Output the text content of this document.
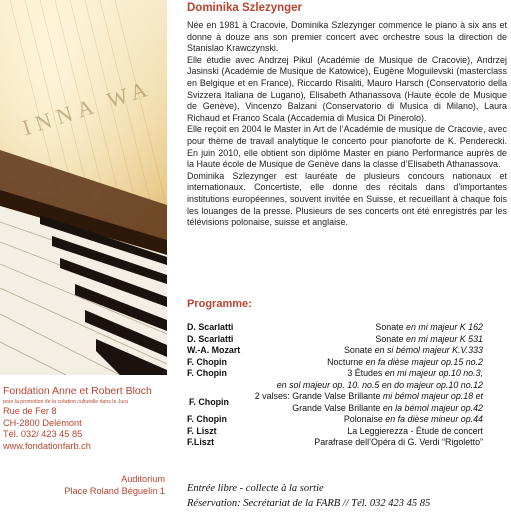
INNA WA
Fondation Anne et Robert Bloch
pour la promotion de la création culturelle dans le Jura
Rue de Fer 8
CH-2800 Delémont
Tél. 032/ 423 45 85
www.fondationfarb.ch
Auditorium
Place Roland Béguelin 1
Dominika Szlezynger

Née en 1981 à Cracovie, Dominika Szlezynger commence le piano à six ans et donne à douze ans son premier concert avec orchestre sous la direction de Stanislao Krawczynski.

Elle étudie avec Andrzej Pikul (Académie de Musique de Cracovie), Andrzej Jasinski (Académie de Musique de Katowice), Eugène Moguilevski (masterclass en Belgique et en France), Riccardo Risaliti, Mauro Harsch (Conservatorio della Svizzera Italiana de Lugano), Elisabeth Athanassova (Haute école de Musique de Genève), Vincenzo Balzani (Conservatorio di Musica di Milano), Laura Richaud et Franco Scala (Accademia di Musica Di Pinerolo).

Elle reçoit en 2004 le Master in Art de l’Académie de musique de Cracovie, avec pour thème de travail analytique le concerto pour pianoforte de K. Penderecki. En juin 2010, elle obtient son diplôme Master en piano Performance auprès de la Haute école de Musique de Genève dans la classe d’Elisabeth Athanassova.

Dominika Szlezynger est lauréate de plusieurs concours nationaux et internationaux. Concertiste, elle donne des récitals dans d’importantes institutions européennes, souvent invitée en Suisse, et recueillant à chaque fois les louanges de la presse. Plusieurs de ses concerts ont été enregistrés par les télévisions polonaise, suisse et anglaise.

Programme:
D. Scarlatti	Sonate en mi majeur K 162
D. Scarlatti	Sonate en mi majeur K 531
W.-A. Mozart	Sonate en si bémol majeur K.V.333
F. Chopin	Nocturne en fa dièse majeur op.15 no.2
F. Chopin	3 Études en mi majeur op.10 no.3,
en sol majeur op. 10. no.5 en do majeur op.10 no.12
F. Chopin
2 valses: Grande Valse Brillante mi bémol majeur op.18 et
Grande Valse Brillante en la bémol majeur op.42
F. Chopin	Polonaise en fa dièse mineur op.44
F. Liszt	La Leggierezza - Étude de concert
F.Liszt	Parafrase dell’Opéra di G. Verdi “Rigoletto”
Entrée libre - collecte à la sortie
Réservation: Secrétariat de la FARB // Tél. 032 423 45 85
